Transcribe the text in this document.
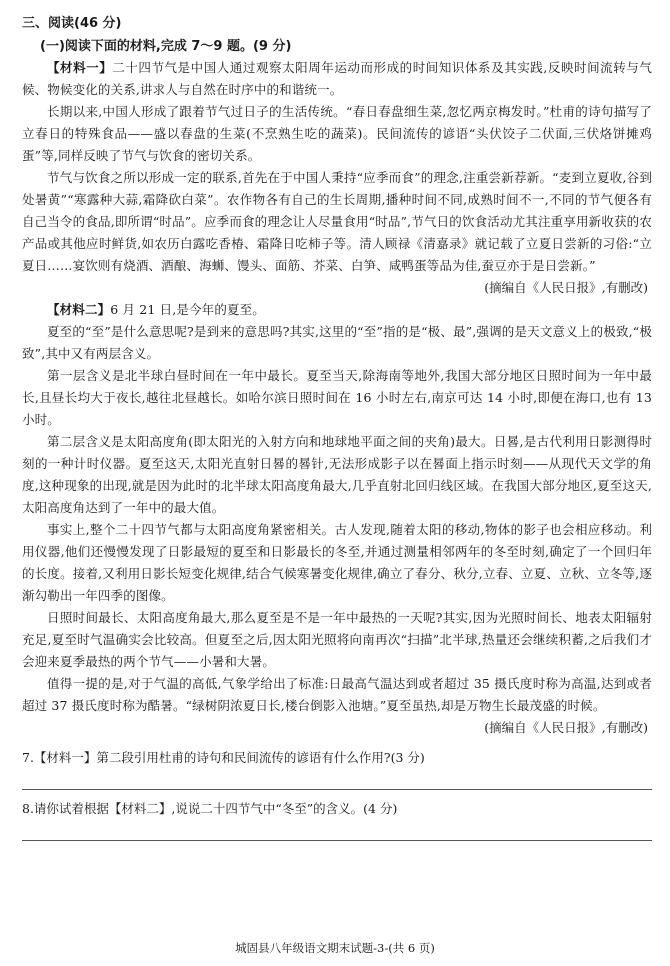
三、阅读(46 分)
(一)阅读下面的材料,完成 7～9 题。(9 分)

【材料一】二十四节气是中国人通过观察太阳周年运动而形成的时间知识体系及其实践,反映时间流转与气候、物候变化的关系,讲求人与自然在时序中的和谐统一。

长期以来,中国人形成了跟着节气过日子的生活传统。“春日春盘细生菜,忽忆两京梅发时。”杜甫的诗句描写了立春日的特殊食品——盛以春盘的生菜(不烹熟生吃的蔬菜)。民间流传的谚语“头伏饺子二伏面,三伏烙饼摊鸡蛋”等,同样反映了节气与饮食的密切关系。

节气与饮食之所以形成一定的联系,首先在于中国人秉持“应季而食”的理念,注重尝新荐新。“麦到立夏收,谷到处暑黄”“寒露种大蒜,霜降砍白菜”。农作物各有自己的生长周期,播种时间不同,成熟时间不一,不同的节气便各有自己当令的食品,即所谓“时品”。应季而食的理念让人尽量食用“时品”,节气日的饮食活动尤其注重享用新收获的农产品或其他应时鲜货,如农历白露吃香椿、霜降日吃柿子等。清人顾禄《清嘉录》就记载了立夏日尝新的习俗:“立夏日……宴饮则有烧酒、酒酿、海蛳、馒头、面筋、芥菜、白笋、咸鸭蛋等品为佳,蚕豆亦于是日尝新。”

(摘编自《人民日报》,有删改)

【材料二】6 月 21 日,是今年的夏至。

夏至的“至”是什么意思呢?是到来的意思吗?其实,这里的“至”指的是“极、最”,强调的是天文意义上的极致,“极致”,其中又有两层含义。

第一层含义是北半球白昼时间在一年中最长。夏至当天,除海南等地外,我国大部分地区日照时间为一年中最长,且昼长均大于夜长,越往北昼越长。如哈尔滨日照时间在 16 小时左右,南京可达 14 小时,即便在海口,也有 13 小时。

第二层含义是太阳高度角(即太阳光的入射方向和地球地平面之间的夹角)最大。日晷,是古代利用日影测得时刻的一种计时仪器。夏至这天,太阳光直射日晷的晷针,无法形成影子以在晷面上指示时刻——从现代天文学的角度,这种现象的出现,就是因为此时的北半球太阳高度角最大,几乎直射北回归线区域。在我国大部分地区,夏至这天,太阳高度角达到了一年中的最大值。

事实上,整个二十四节气都与太阳高度角紧密相关。古人发现,随着太阳的移动,物体的影子也会相应移动。利用仪器,他们还慢慢发现了日影最短的夏至和日影最长的冬至,并通过测量相邻两年的冬至时刻,确定了一个回归年的长度。接着,又利用日影长短变化规律,结合气候寒暑变化规律,确立了春分、秋分,立春、立夏、立秋、立冬等,逐渐勾勒出一年四季的图像。

日照时间最长、太阳高度角最大,那么夏至是不是一年中最热的一天呢?其实,因为光照时间长、地表太阳辐射充足,夏至时气温确实会比较高。但夏至之后,因太阳光照将向南再次“扫描”北半球,热量还会继续积蓄,之后我们才会迎来夏季最热的两个节气——小暑和大暑。

值得一提的是,对于气温的高低,气象学给出了标准:日最高气温达到或者超过 35 摄氏度时称为高温,达到或者超过 37 摄氏度时称为酷暑。“绿树阴浓夏日长,楼台倒影入池塘。”夏至虽热,却是万物生长最茂盛的时候。

(摘编自《人民日报》,有删改)
7.【材料一】第二段引用杜甫的诗句和民间流传的谚语有什么作用?(3 分)
8.请你试着根据【材料二】,说说二十四节气中“冬至”的含义。(4 分)
城固县八年级语文期末试题-3-(共 6 页)
